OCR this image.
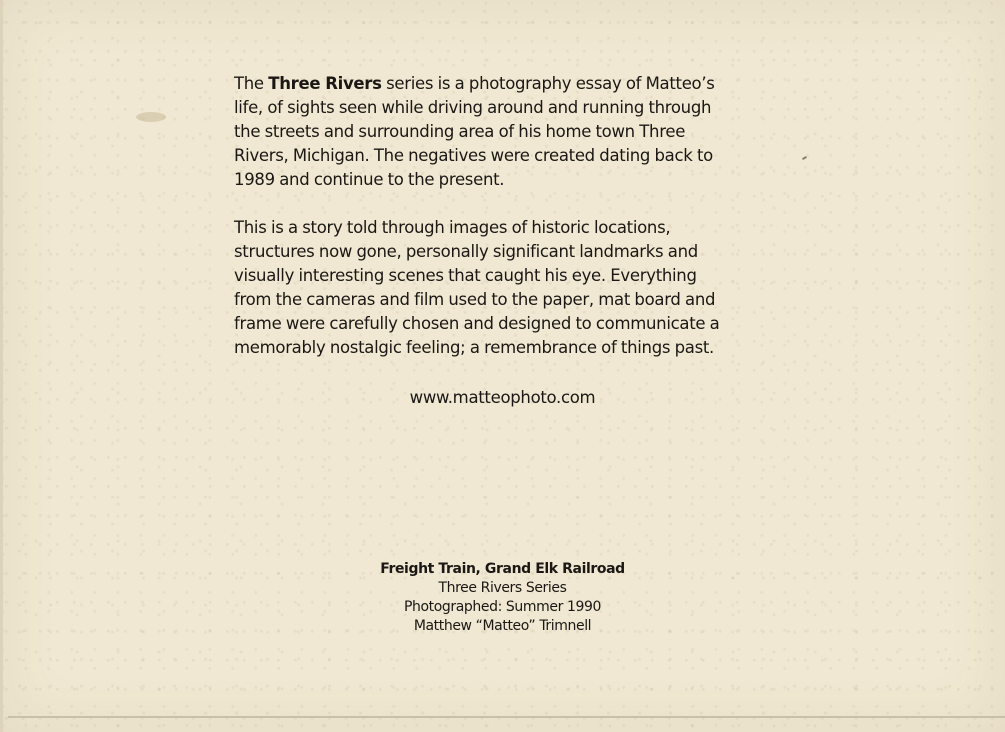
The Three Rivers series is a photography essay of Matteo’s
life, of sights seen while driving around and running through
the streets and surrounding area of his home town Three
Rivers, Michigan. The negatives were created dating back to
1989 and continue to the present.

This is a story told through images of historic locations,
structures now gone, personally significant landmarks and
visually interesting scenes that caught his eye. Everything
from the cameras and film used to the paper, mat board and
frame were carefully chosen and designed to communicate a
memorably nostalgic feeling; a remembrance of things past.

www.matteophoto.com
Freight Train, Grand Elk Railroad
Three Rivers Series
Photographed: Summer 1990
Matthew “Matteo” Trimnell
